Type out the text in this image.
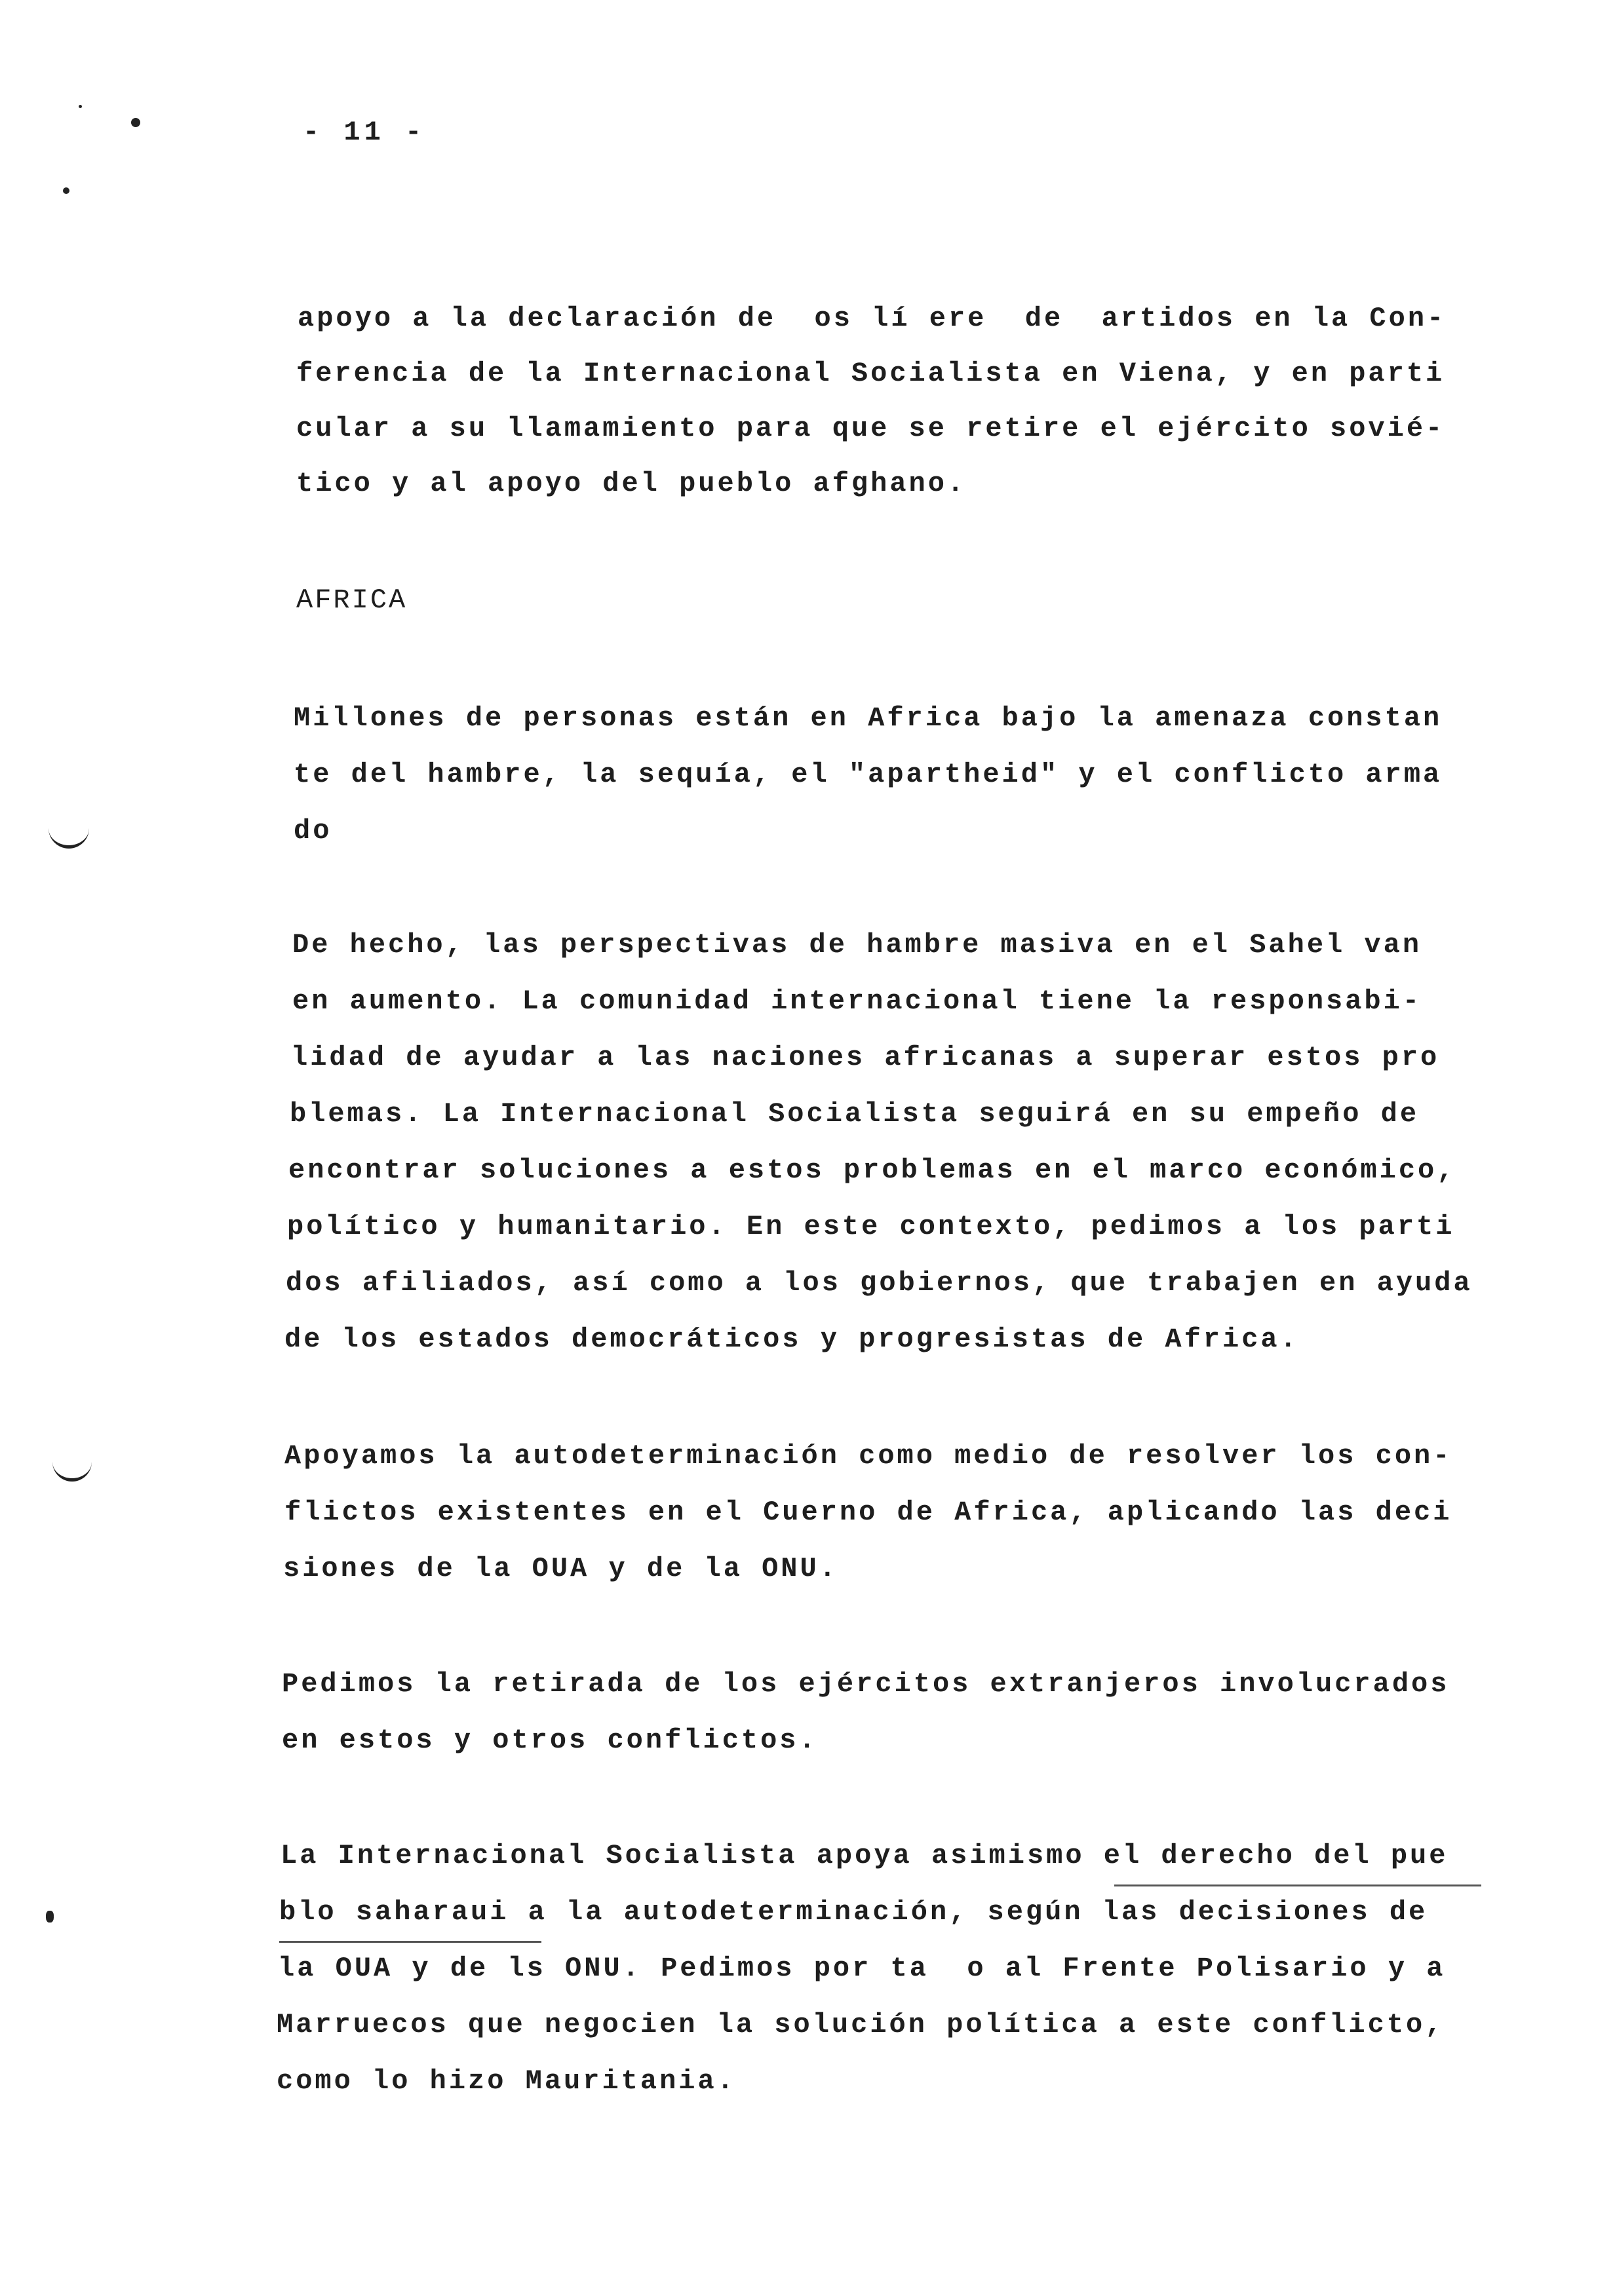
- 11 -
apoyo a la declaración de  os lí ere  de  artidos en la Con-
ferencia de la Internacional Socialista en Viena, y en parti
cular a su llamamiento para que se retire el ejército sovié-
tico y al apoyo del pueblo afghano.
AFRICA
Millones de personas están en Africa bajo la amenaza constan
te del hambre, la sequía, el "apartheid" y el conflicto arma
do
De hecho, las perspectivas de hambre masiva en el Sahel van
en aumento. La comunidad internacional tiene la responsabi-
lidad de ayudar a las naciones africanas a superar estos pro
blemas. La Internacional Socialista seguirá en su empeño de
encontrar soluciones a estos problemas en el marco económico,
político y humanitario. En este contexto, pedimos a los parti
dos afiliados, así como a los gobiernos, que trabajen en ayuda
de los estados democráticos y progresistas de Africa.
Apoyamos la autodeterminación como medio de resolver los con-
flictos existentes en el Cuerno de Africa, aplicando las deci
siones de la OUA y de la ONU.
Pedimos la retirada de los ejércitos extranjeros involucrados
en estos y otros conflictos.
La Internacional Socialista apoya asimismo el derecho del pue
blo saharaui a la autodeterminación, según las decisiones de
la OUA y de ls ONU. Pedimos por ta  o al Frente Polisario y a
Marruecos que negocien la solución política a este conflicto,
como lo hizo Mauritania.
